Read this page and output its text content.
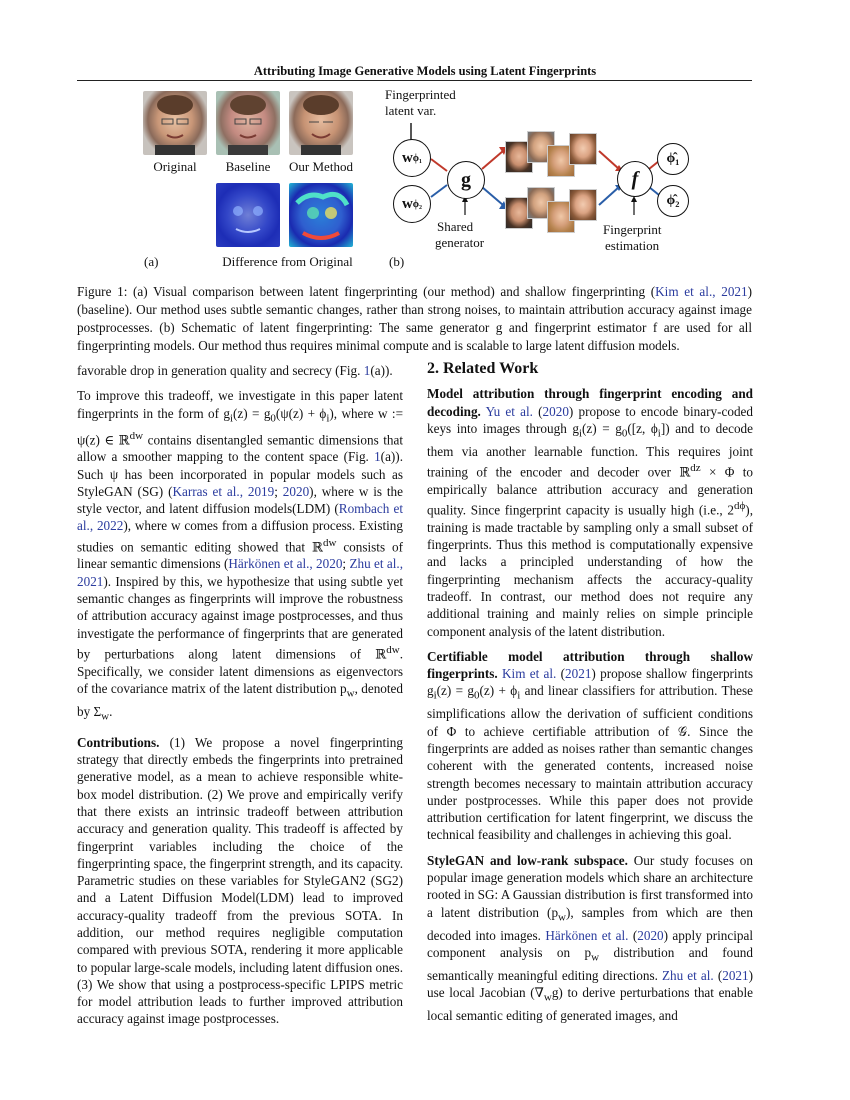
Attributing Image Generative Models using Latent Fingerprints
Original	Baseline	Our Method
Difference from Original
(a)
Fingerprinted
latent var.
w ϕ₁
w ϕ₂
g	f
ϕ̂₁
ϕ̂₂
Shared
generator
Fingerprint
estimation
(b)
Figure 1: (a) Visual comparison between latent fingerprinting (our method) and shallow fingerprinting (Kim et al., 2021) (baseline). Our method uses subtle semantic changes, rather than strong noises, to maintain attribution accuracy against image postprocesses. (b) Schematic of latent fingerprinting: The same generator g and fingerprint estimator f are used for all fingerprinting models. Our method thus requires minimal compute and is scalable to large latent diffusion models.

favorable drop in generation quality and secrecy (Fig. 1(a)).

To improve this tradeoff, we investigate in this paper latent fingerprints in the form of $g_i(z) = g_0(\psi(z) + \phi_i)$, where w := ψ(z) ∈ ℝ$^{dw}$ contains disentangled semantic dimensions that allow a smoother mapping to the content space (Fig. 1(a)). Such ψ has been incorporated in popular models such as StyleGAN (SG) (Karras et al., 2019; 2020), where w is the style vector, and latent diffusion models(LDM) (Rombach et al., 2022), where w comes from a diffusion process. Existing studies on semantic editing showed that ℝ$^{dw}$ consists of linear semantic dimensions (Härkönen et al., 2020; Zhu et al., 2021). Inspired by this, we hypothesize that using subtle yet semantic changes as fingerprints will improve the robustness of attribution accuracy against image postprocesses, and thus investigate the performance of fingerprints that are generated by perturbations along latent dimensions of ℝ$^{dw}$. Specifically, we consider latent dimensions as eigenvectors of the covariance matrix of the latent distribution $p_w$, denoted by $\Sigma_w$.

Contributions. (1) We propose a novel fingerprinting strategy that directly embeds the fingerprints into pretrained generative model, as a mean to achieve responsible white-box model distribution. (2) We prove and empirically verify that there exists an intrinsic tradeoff between attribution accuracy and generation quality. This tradeoff is affected by fingerprint variables including the choice of the fingerprinting space, the fingerprint strength, and its capacity. Parametric studies on these variables for StyleGAN2 (SG2) and a Latent Diffusion Model(LDM) lead to improved accuracy-quality tradeoff from the previous SOTA. In addition, our method requires negligible computation compared with previous SOTA, rendering it more applicable to popular large-scale models, including latent diffusion ones. (3) We show that using a postprocess-specific LPIPS metric for model attribution leads to further improved attribution accuracy against image postprocesses.

2. Related Work

Model attribution through fingerprint encoding and decoding. Yu et al. (2020) propose to encode binary-coded keys into images through $g_i(z) = g_0([z$, $\phi_i$]) and to decode them via another learnable function. This requires joint training of the encoder and decoder over ℝ$^{dz}$ × Φ to empirically balance attribution accuracy and generation quality. Since fingerprint capacity is usually high (i.e., $2^{d\phi}$), training is made tractable by sampling only a small subset of fingerprints. Thus this method is computationally expensive and lacks a principled understanding of how the fingerprinting mechanism affects the accuracy-quality tradeoff. In contrast, our method does not require any additional training and mainly relies on simple principle component analysis of the latent distribution.

Certifiable model attribution through shallow fingerprints. Kim et al. (2021) propose shallow fingerprints $g_i(z) = g_0(z) + \phi_i$ and linear classifiers for attribution. These simplifications allow the derivation of sufficient conditions of Φ to achieve certifiable attribution of 𝒢. Since the fingerprints are added as noises rather than semantic changes coherent with the generated contents, increased noise strength becomes necessary to maintain attribution accuracy under postprocesses. While this paper does not provide attribution certification for latent fingerprint, we discuss the technical feasibility and challenges in achieving this goal.

StyleGAN and low-rank subspace. Our study focuses on popular image generation models which share an architecture rooted in SG: A Gaussian distribution is first transformed into a latent distribution $(p_w)$, samples from which are then decoded into images. Härkönen et al. (2020) apply principal component analysis on $p_w$ distribution and found semantically meaningful editing directions. Zhu et al. (2021) use local Jacobian $(\nabla_wg)$ to derive perturbations that enable local semantic editing of generated images, and
